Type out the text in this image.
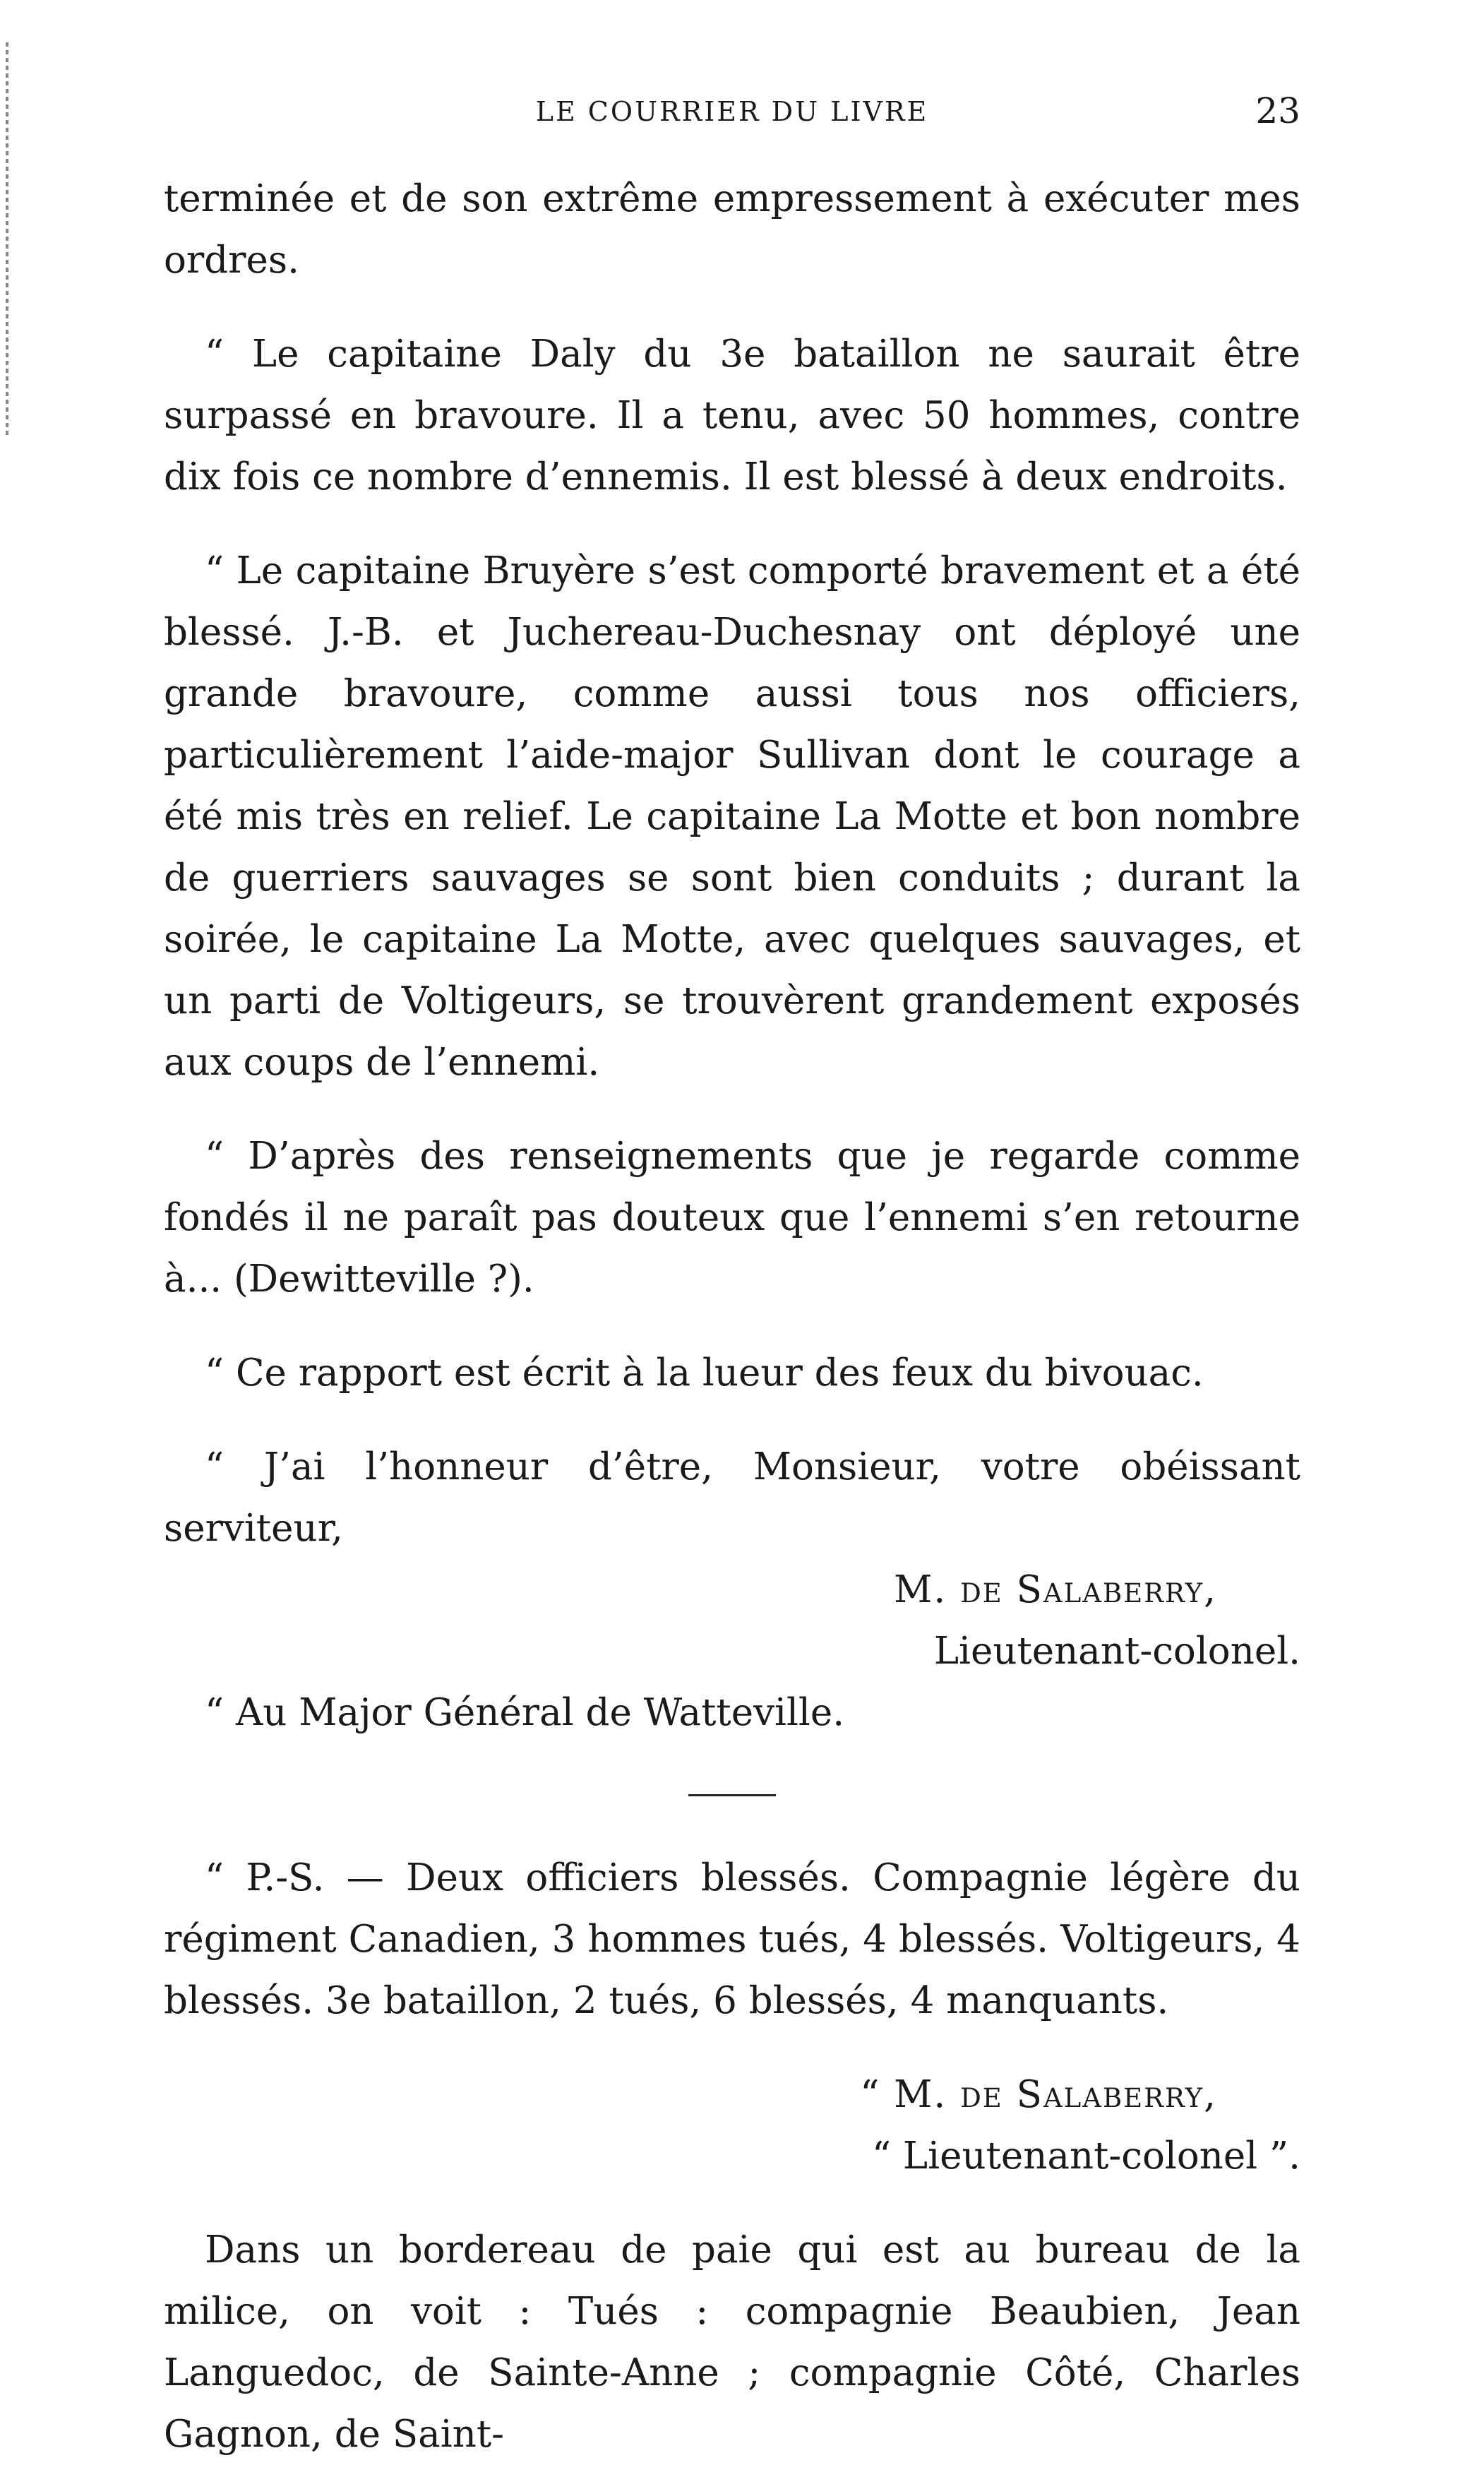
LE COURRIER DU LIVRE	23

terminée et de son extrême empressement à exécuter mes ordres.

“ Le capitaine Daly du 3e bataillon ne saurait être surpassé en bravoure. Il a tenu, avec 50 hommes, contre dix fois ce nombre d’ennemis. Il est blessé à deux endroits.

“ Le capitaine Bruyère s’est comporté bravement et a été blessé. J.-B. et Juchereau-Duchesnay ont déployé une grande bravoure, comme aussi tous nos officiers, particulièrement l’aide-major Sullivan dont le courage a été mis très en relief. Le capitaine La Motte et bon nombre de guerriers sauvages se sont bien conduits ; durant la soirée, le capitaine La Motte, avec quelques sauvages, et un parti de Voltigeurs, se trouvèrent grandement exposés aux coups de l’ennemi.

“ D’après des renseignements que je regarde comme fondés il ne paraît pas douteux que l’ennemi s’en retourne à... (Dewitteville ?).

“ Ce rapport est écrit à la lueur des feux du bivouac.

“ J’ai l’honneur d’être, Monsieur, votre obéissant serviteur,

M. de Salaberry,

Lieutenant-colonel.

“ Au Major Général de Watteville.

“ P.-S. — Deux officiers blessés. Compagnie légère du régiment Canadien, 3 hommes tués, 4 blessés. Voltigeurs, 4 blessés. 3e bataillon, 2 tués, 6 blessés, 4 manquants.

“ M. de Salaberry,

“ Lieutenant-colonel ”.

Dans un bordereau de paie qui est au bureau de la milice, on voit : Tués : compagnie Beaubien, Jean Languedoc, de Sainte-Anne ; compagnie Côté, Charles Gagnon, de Saint-
